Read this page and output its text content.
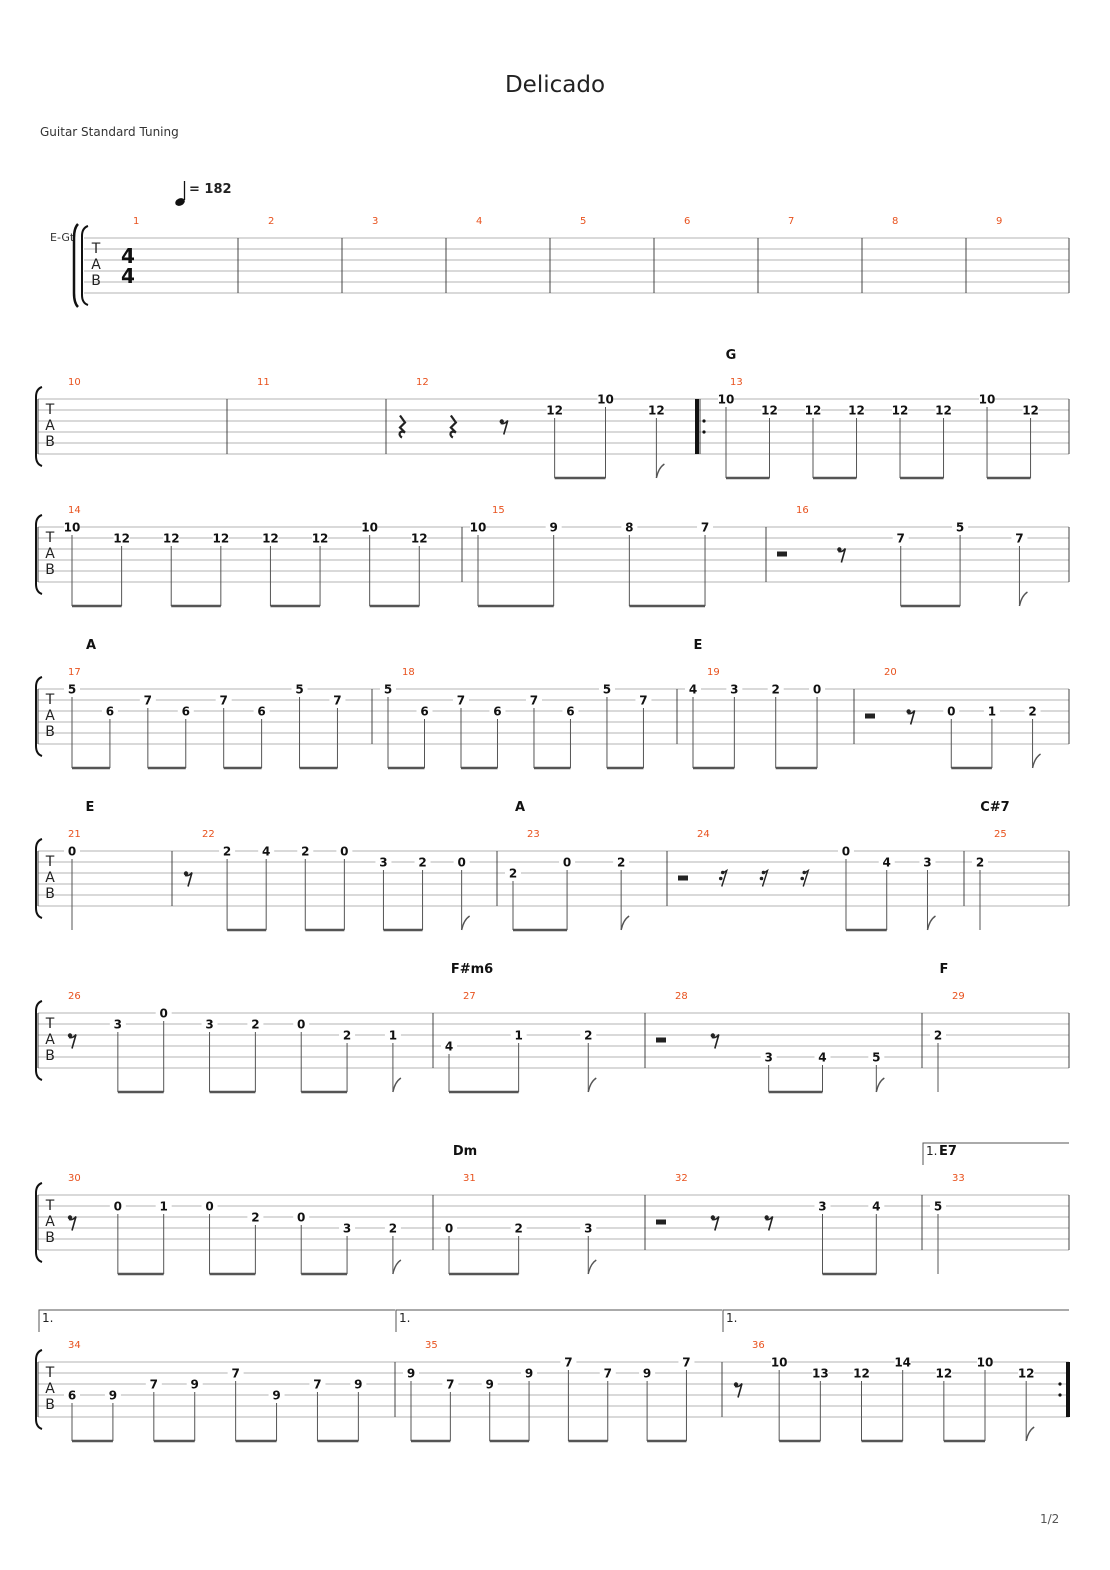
Delicado
Guitar Standard Tuning
1/2
= 182
E-Gt
T
A
B
4
4
1	2	3	4	5	6	7	8	9
T
A
B
10	11	12
12
10
12
13
G
10
12 12 12 12 12
10
12
T
A
B
14
10
12	12	12	12	12
10
12
15
10	9	8	7
16
7
5
7
T
A
B
17
A
5
6
7
6
7
6
5
7
18
5
6
7
6
7
6
5
7
19
E
4	3	2	0
20
0	1	2
T
A
B
21
E
0
22
2	4	2	0
3	2	0
23
A
2
0	2
24
0
4	3
25
C#7
2
T
A
B
26
3
0
3	2	0
2	1
27
F#m6
4
1	2
28
3	4	5
29
F
2
T
A
B
30
0	1	0
2	0
3	2
31
Dm
0	2	3
32
3	4
33
E7
1.
5
T
A
B
34
1.
6	9
7	9
7
9
7	9
35
1.
9
7	9
9
7
7	9
7
36
1.
10
13 12
14
12
10
12
